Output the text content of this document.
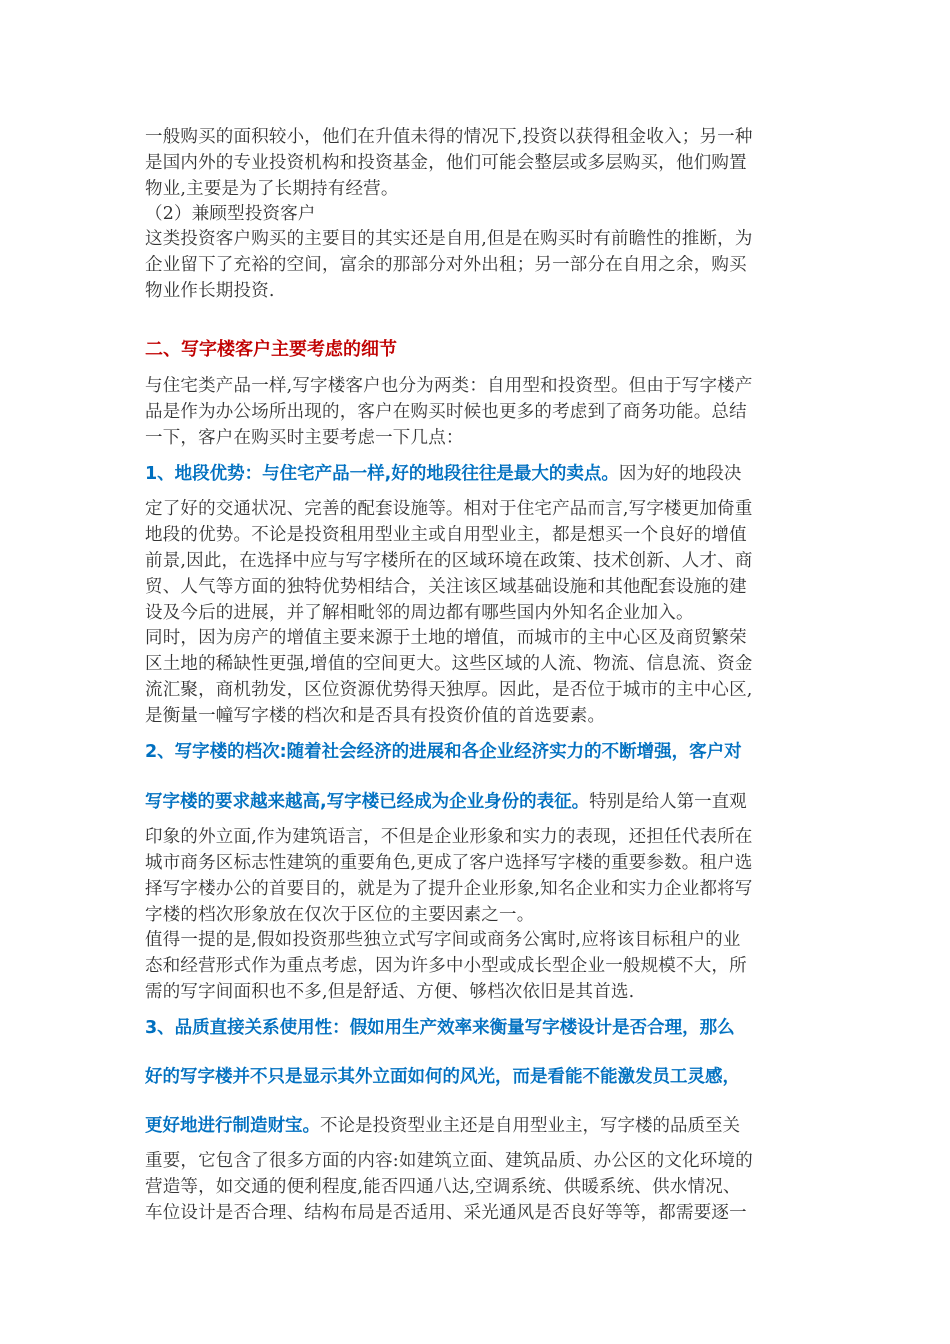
一般购买的面积较小，他们在升值未得的情况下,投资以获得租金收入；另一种
是国内外的专业投资机构和投资基金，他们可能会整层或多层购买，他们购置
物业,主要是为了长期持有经营。
（2）兼顾型投资客户
这类投资客户购买的主要目的其实还是自用,但是在购买时有前瞻性的推断，为
企业留下了充裕的空间，富余的那部分对外出租；另一部分在自用之余，购买
物业作长期投资.
二、写字楼客户主要考虑的细节
与住宅类产品一样,写字楼客户也分为两类：自用型和投资型。但由于写字楼产
品是作为办公场所出现的，客户在购买时候也更多的考虑到了商务功能。总结
一下，客户在购买时主要考虑一下几点：
1、地段优势：与住宅产品一样,好的地段往往是最大的卖点。因为好的地段决
定了好的交通状况、完善的配套设施等。相对于住宅产品而言,写字楼更加倚重
地段的优势。不论是投资租用型业主或自用型业主，都是想买一个良好的增值
前景,因此，在选择中应与写字楼所在的区域环境在政策、技术创新、人才、商
贸、人气等方面的独特优势相结合，关注该区域基础设施和其他配套设施的建
设及今后的进展，并了解相毗邻的周边都有哪些国内外知名企业加入。
同时，因为房产的增值主要来源于土地的增值，而城市的主中心区及商贸繁荣
区土地的稀缺性更强,增值的空间更大。这些区域的人流、物流、信息流、资金
流汇聚，商机勃发，区位资源优势得天独厚。因此，是否位于城市的主中心区,
是衡量一幢写字楼的档次和是否具有投资价值的首选要素。
2、写字楼的档次:随着社会经济的进展和各企业经济实力的不断增强，客户对
写字楼的要求越来越高,写字楼已经成为企业身份的表征。特别是给人第一直观
印象的外立面,作为建筑语言，不但是企业形象和实力的表现，还担任代表所在
城市商务区标志性建筑的重要角色,更成了客户选择写字楼的重要参数。租户选
择写字楼办公的首要目的，就是为了提升企业形象,知名企业和实力企业都将写
字楼的档次形象放在仅次于区位的主要因素之一。
值得一提的是,假如投资那些独立式写字间或商务公寓时,应将该目标租户的业
态和经营形式作为重点考虑，因为许多中小型或成长型企业一般规模不大，所
需的写字间面积也不多,但是舒适、方便、够档次依旧是其首选.
3、品质直接关系使用性：假如用生产效率来衡量写字楼设计是否合理，那么
好的写字楼并不只是显示其外立面如何的风光，而是看能不能激发员工灵感，
更好地进行制造财宝。不论是投资型业主还是自用型业主，写字楼的品质至关
重要，它包含了很多方面的内容:如建筑立面、建筑品质、办公区的文化环境的
营造等，如交通的便利程度,能否四通八达,空调系统、供暖系统、供水情况、
车位设计是否合理、结构布局是否适用、采光通风是否良好等等，都需要逐一
